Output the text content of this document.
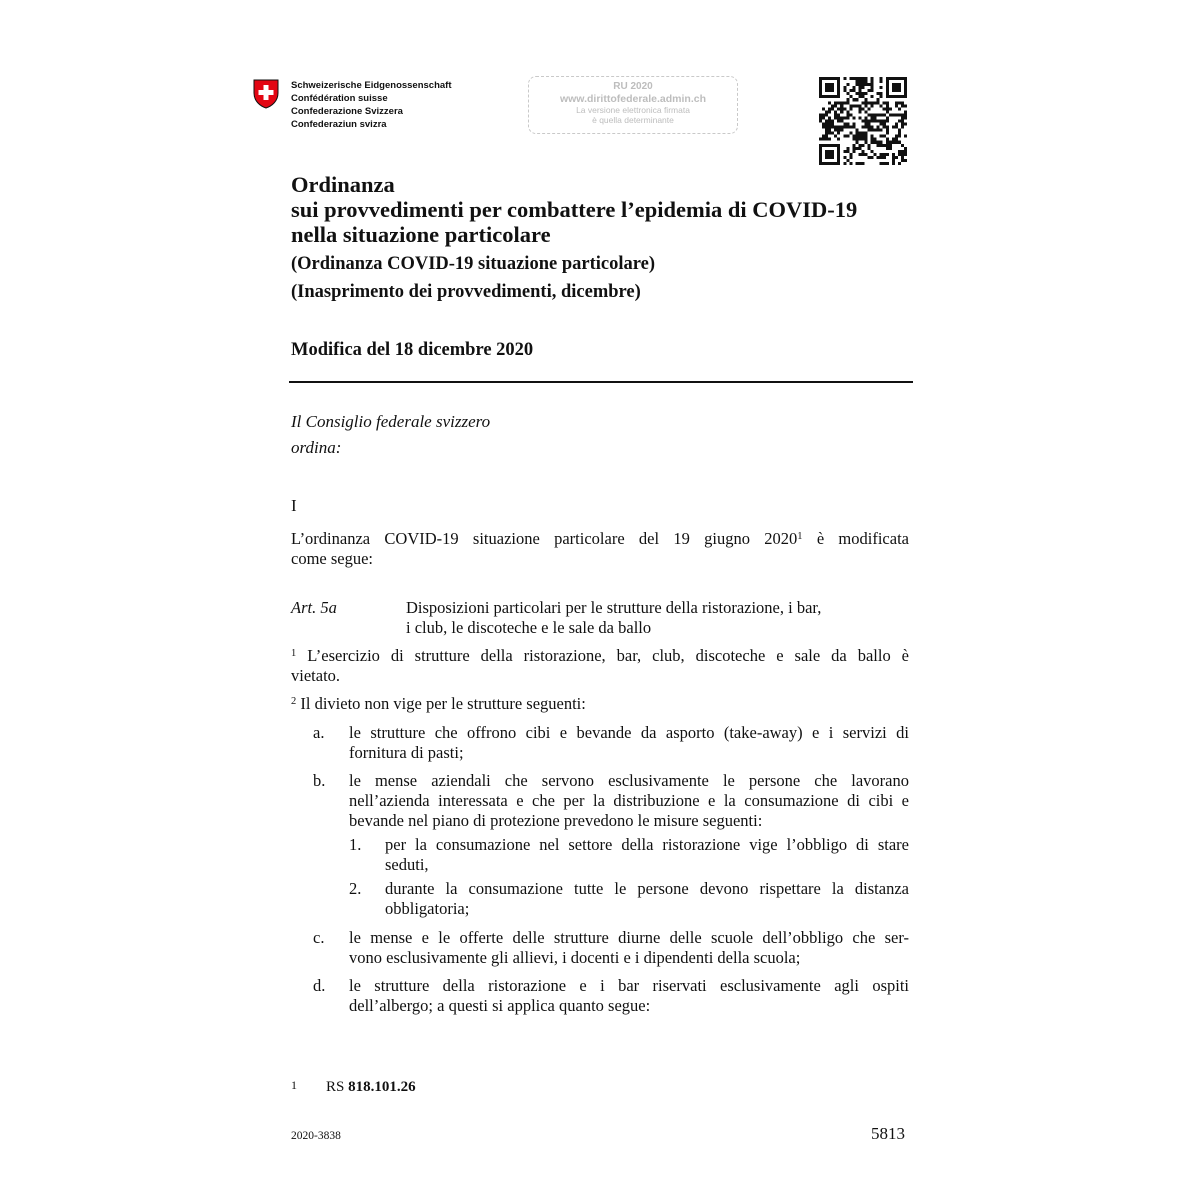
Schweizerische Eidgenossenschaft
Confédération suisse
Confederazione Svizzera
Confederaziun svizra
RU 2020
www.dirittofederale.admin.ch
La versione elettronica firmata
è quella determinante
Ordinanza
sui provvedimenti per combattere l’epidemia di COVID-19
nella situazione particolare
(Ordinanza COVID-19 situazione particolare)
(Inasprimento dei provvedimenti, dicembre)
Modifica del 18 dicembre 2020
Il Consiglio federale svizzero
ordina:
I
L’ordinanza COVID-19 situazione particolare del 19 giugno 2020$^1$ è modificata
come segue:
Art. 5a	Disposizioni particolari per le strutture della ristorazione, i bar,
i club, le discoteche e le sale da ballo
$^1$ L’esercizio di strutture della ristorazione, bar, club, discoteche e sale da ballo è
vietato.
$^2$ Il divieto non vige per le strutture seguenti:
a. le strutture che offrono cibi e bevande da asporto (take-away) e i servizi di
fornitura di pasti;
b. le mense aziendali che servono esclusivamente le persone che lavorano
nell’azienda interessata e che per la distribuzione e la consumazione di cibi e
bevande nel piano di protezione prevedono le misure seguenti:
1. per la consumazione nel settore della ristorazione vige l’obbligo di stare
seduti,
2. durante la consumazione tutte le persone devono rispettare la distanza
obbligatoria;
c. le mense e le offerte delle strutture diurne delle scuole dell’obbligo che ser-
vono esclusivamente gli allievi, i docenti e i dipendenti della scuola;
d. le strutture della ristorazione e i bar riservati esclusivamente agli ospiti
dell’albergo; a questi si applica quanto segue:
1 RS 818.101.26
2020-3838	5813
